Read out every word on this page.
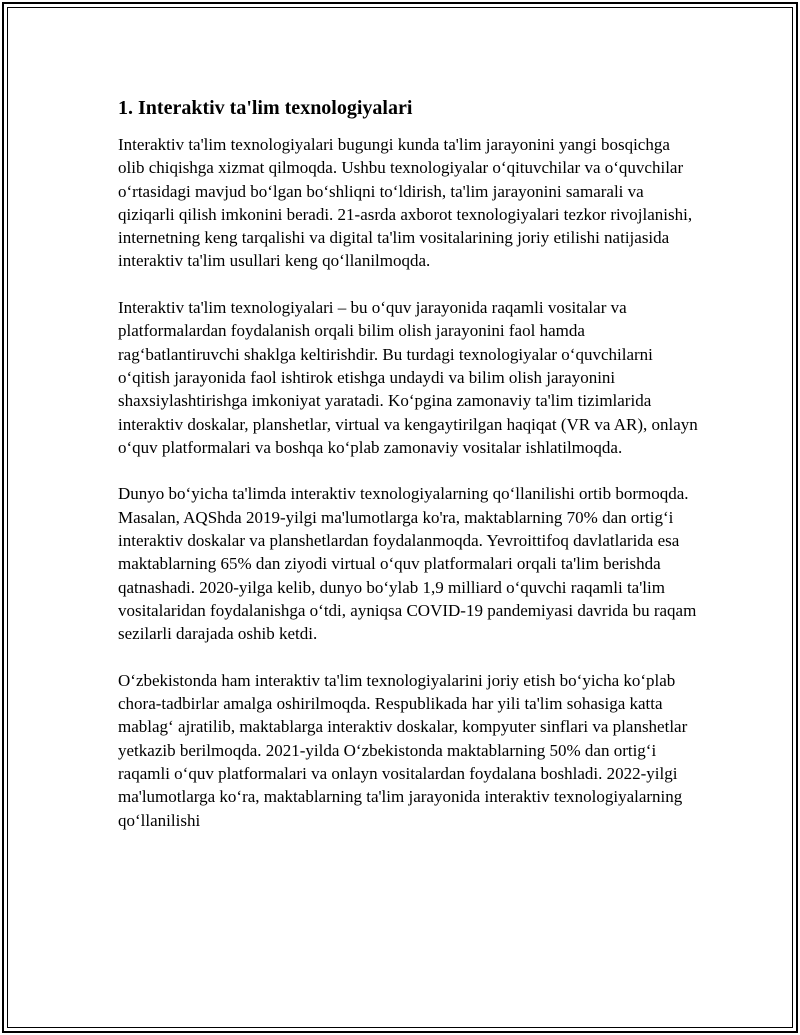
1. Interaktiv ta'lim texnologiyalari

Interaktiv ta'lim texnologiyalari bugungi kunda ta'lim jarayonini yangi bosqichga olib chiqishga xizmat qilmoqda. Ushbu texnologiyalar o‘qituvchilar va o‘quvchilar o‘rtasidagi mavjud bo‘lgan bo‘shliqni to‘ldirish, ta'lim jarayonini samarali va qiziqarli qilish imkonini beradi. 21-asrda axborot texnologiyalari tezkor rivojlanishi, internetning keng tarqalishi va digital ta'lim vositalarining joriy etilishi natijasida interaktiv ta'lim usullari keng qo‘llanilmoqda.

Interaktiv ta'lim texnologiyalari – bu o‘quv jarayonida raqamli vositalar va platformalardan foydalanish orqali bilim olish jarayonini faol hamda rag‘batlantiruvchi shaklga keltirishdir. Bu turdagi texnologiyalar o‘quvchilarni o‘qitish jarayonida faol ishtirok etishga undaydi va bilim olish jarayonini shaxsiylashtirishga imkoniyat yaratadi. Ko‘pgina zamonaviy ta'lim tizimlarida interaktiv doskalar, planshetlar, virtual va kengaytirilgan haqiqat (VR va AR), onlayn o‘quv platformalari va boshqa ko‘plab zamonaviy vositalar ishlatilmoqda.

Dunyo bo‘yicha ta'limda interaktiv texnologiyalarning qo‘llanilishi ortib bormoqda. Masalan, AQShda 2019-yilgi ma'lumotlarga ko'ra, maktablarning 70% dan ortig‘i interaktiv doskalar va planshetlardan foydalanmoqda. Yevroittifoq davlatlarida esa maktablarning 65% dan ziyodi virtual o‘quv platformalari orqali ta'lim berishda qatnashadi. 2020-yilga kelib, dunyo bo‘ylab 1,9 milliard o‘quvchi raqamli ta'lim vositalaridan foydalanishga o‘tdi, ayniqsa COVID-19 pandemiyasi davrida bu raqam sezilarli darajada oshib ketdi.

O‘zbekistonda ham interaktiv ta'lim texnologiyalarini joriy etish bo‘yicha ko‘plab chora-tadbirlar amalga oshirilmoqda. Respublikada har yili ta'lim sohasiga katta mablag‘ ajratilib, maktablarga interaktiv doskalar, kompyuter sinflari va planshetlar yetkazib berilmoqda. 2021-yilda O‘zbekistonda maktablarning 50% dan ortig‘i raqamli o‘quv platformalari va onlayn vositalardan foydalana boshladi. 2022-yilgi ma'lumotlarga ko‘ra, maktablarning ta'lim jarayonida interaktiv texnologiyalarning qo‘llanilishi
